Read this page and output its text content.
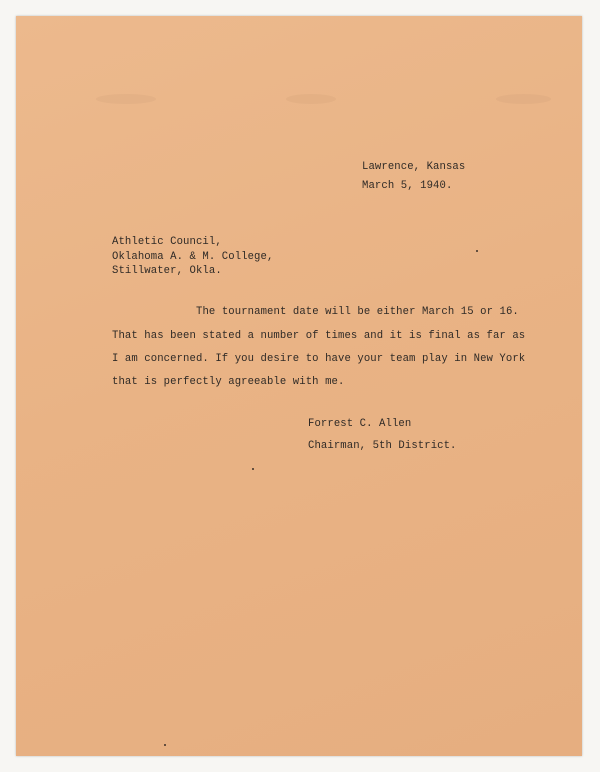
Lawrence, Kansas
March 5, 1940.
Athletic Council,
Oklahoma A. & M. College,
Stillwater, Okla.
The tournament date will be either March 15 or 16.
That has been stated a number of times and it is final as far as
I am concerned. If you desire to have your team play in New York
that is perfectly agreeable with me.
Forrest C. Allen
Chairman, 5th District.
